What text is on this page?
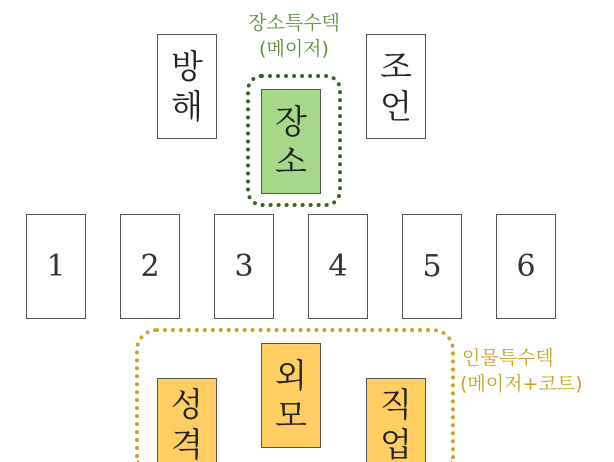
장소특수덱
(메이저)
방
해
조
언
장
소
1 2 3 4 5 6
인물특수덱
(메이저+코트)
외
모
성
격
직
업
